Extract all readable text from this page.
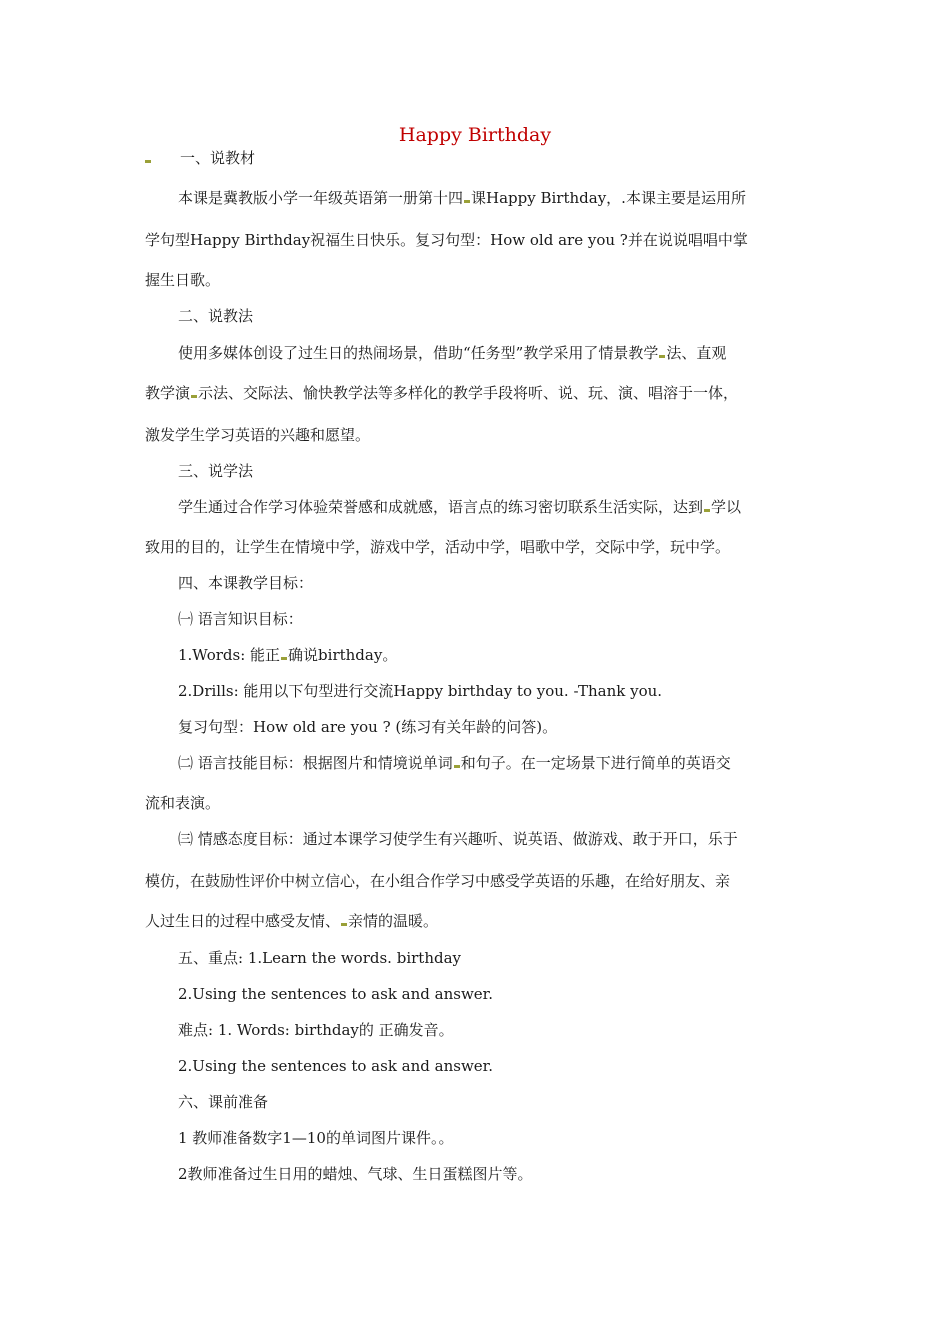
Happy Birthday
一、说教材
本课是冀教版小学一年级英语第一册第十四 课Happy Birthday，.本课主要是运用所
学句型Happy Birthday祝福生日快乐。复习句型：How old are you ?并在说说唱唱中掌
握生日歌。
二、说教法
使用多媒体创设了过生日的热闹场景，借助“任务型”教学采用了情景教学 法、直观
教学演 示法、交际法、愉快教学法等多样化的教学手段将听、说、玩、演、唱溶于一体，
激发学生学习英语的兴趣和愿望。
三、说学法
学生通过合作学习体验荣誉感和成就感，语言点的练习密切联系生活实际，达到 学以
致用的目的，让学生在情境中学，游戏中学，活动中学，唱歌中学，交际中学，玩中学。
四、本课教学目标：
㈠ 语言知识目标：
1.Words: 能正 确说birthday。
2.Drills: 能用以下句型进行交流Happy birthday to you. -Thank you.
复习句型：How old are you ? (练习有关年龄的问答)。
㈡ 语言技能目标：根据图片和情境说单词 和句子。在一定场景下进行简单的英语交
流和表演。
㈢ 情感态度目标：通过本课学习使学生有兴趣听、说英语、做游戏、敢于开口，乐于
模仿，在鼓励性评价中树立信心，在小组合作学习中感受学英语的乐趣，在给好朋友、亲
人过生日的过程中感受友情、 亲情的温暖。
五、重点: 1.Learn the words. birthday
2.Using the sentences to ask and answer.
难点: 1. Words: birthday的 正确发音。
2.Using the sentences to ask and answer.
六、课前准备
1 教师准备数字1—10的单词图片课件。。
2教师准备过生日用的蜡烛、气球、生日蛋糕图片等。
